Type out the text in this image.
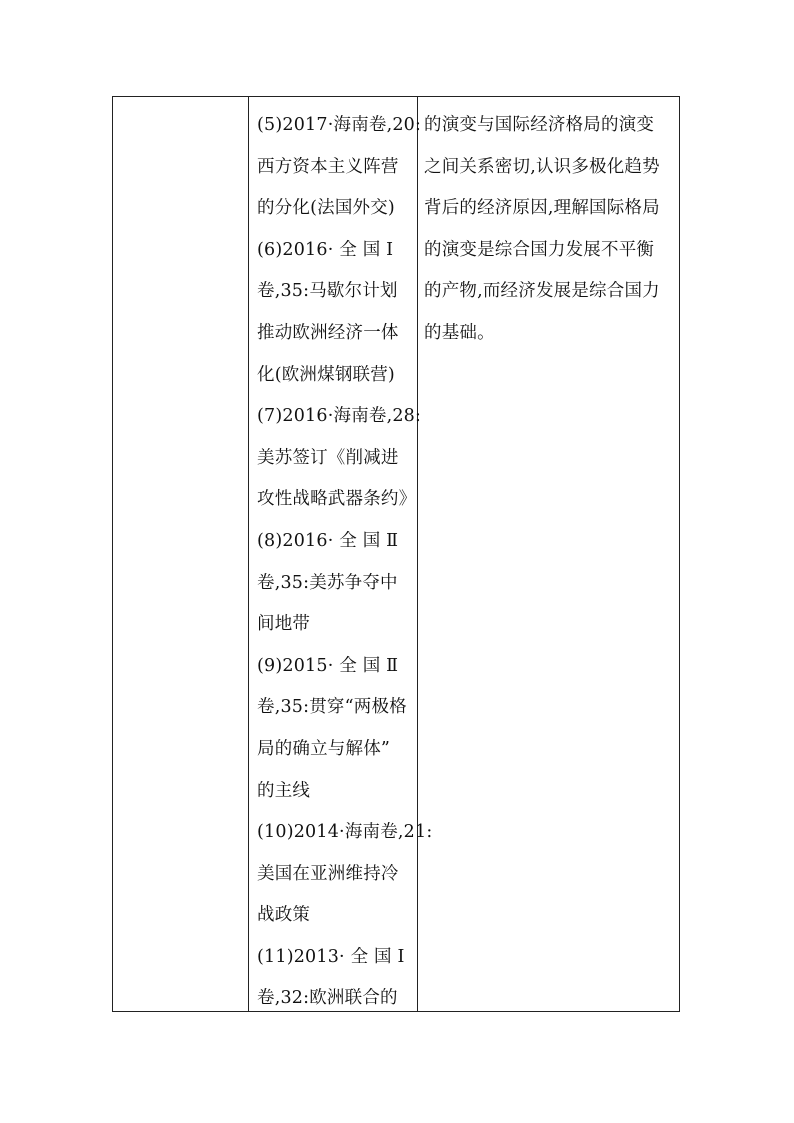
(5)2017·海南卷,20:
西方资本主义阵营
的分化(法国外交)
(6)2016· 全 国 Ⅰ
卷,35:马歇尔计划
推动欧洲经济一体
化(欧洲煤钢联营)
(7)2016·海南卷,28:
美苏签订《削减进
攻性战略武器条约》
(8)2016· 全 国 Ⅱ
卷,35:美苏争夺中
间地带
(9)2015· 全 国 Ⅱ
卷,35:贯穿“两极格
局的确立与解体”
的主线
(10)2014·海南卷,21:
美国在亚洲维持冷
战政策
(11)2013· 全 国 Ⅰ
卷,32:欧洲联合的
的演变与国际经济格局的演变
之间关系密切,认识多极化趋势
背后的经济原因,理解国际格局
的演变是综合国力发展不平衡
的产物,而经济发展是综合国力
的基础。
